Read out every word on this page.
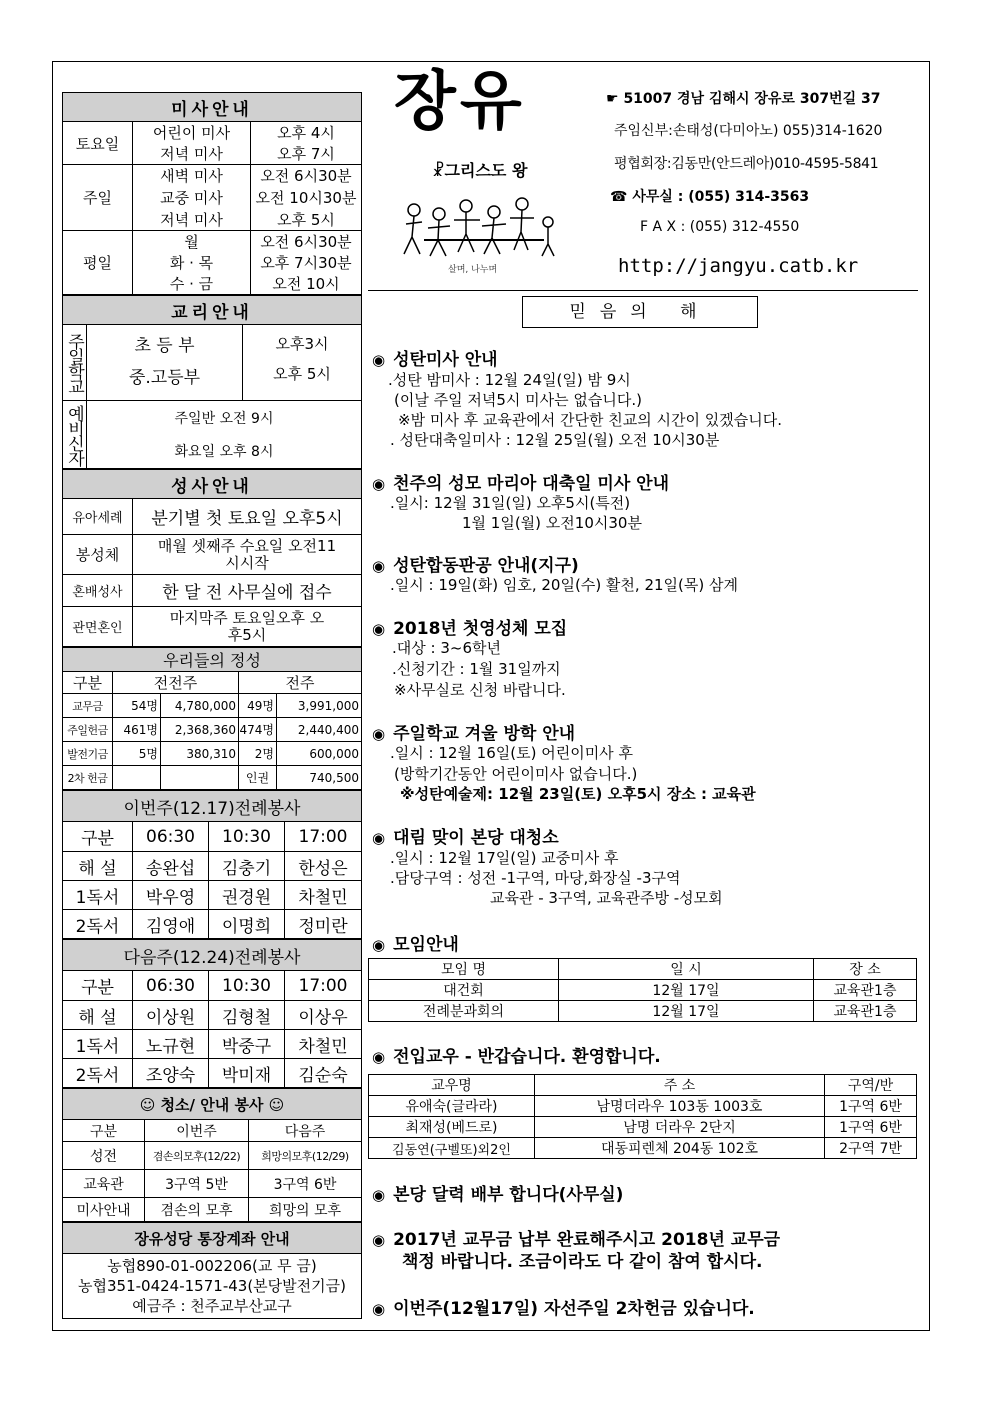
미사안내		
토요일	어린이 미사	오후 4시
	저녁 미사	오후 7시
주일	새벽 미사	오전 6시30분
	교중 미사	오전 10시30분
	저녁 미사	오후 5시
평일	월	오전 6시30분
	화 · 목	오후 7시30분
	수 · 금	오전 10시
교리안내		
주일학교	초 등 부	오후3시
	중.고등부	오후 5시
예비신자	주일반 오전 9시	
	화요일 오후 8시	
성사안내	
유아세례	분기별 첫 토요일 오후5시
봉성체	매월 셋째주 수요일 오전11시시작
혼배성사	한 달 전 사무실에 접수
관면혼인	마지막주 토요일오후 오후5시
우리들의 정성				
구분	전전주		전주	
교무금	54명	4,780,000	49명	3,991,000
주일헌금	461명	2,368,360	474명	2,440,400
발전기금	5명	380,310	2명	600,000
2차 헌금			인권	740,500
이번주(12.17)전례봉사			
구분	06:30	10:30	17:00
해 설	송완섭	김충기	한성은
1독서	박우영	권경원	차철민
2독서	김영애	이명희	정미란
다음주(12.24)전례봉사			
구분	06:30	10:30	17:00
해 설	이상원	김형철	이상우
1독서	노규현	박중구	차철민
2독서	조양숙	박미재	김순숙
☺ 청소/ 안내 봉사 ☺		
구분	이번주	다음주
성전	겸손의모후(12/22)	희망의모후(12/29)
교육관	3구역 5반	3구역 6반
미사안내	겸손의 모후	희망의 모후
장유성당 통장계좌 안내

농협890-01-002206(교 무 금)
농협351-0424-1571-43(본당발전기금)
예금주 : 천주교부산교구
장유
☧그리스도 왕
살며, 나누며
☛ 51007 경남 김해시 장유로 307번길 37
주임신부:손태성(다미아노) 055)314-1620
평협회장:김동만(안드레아)010-4595-5841
☎ 사무실 : (055) 314-3563
F A X : (055) 312-4550
http://jangyu.catb.kr
믿음의 해
◉ 성탄미사 안내
.성탄 밤미사 : 12월 24일(일) 밤 9시
(이날 주일 저녁5시 미사는 없습니다.)
※밤 미사 후 교육관에서 간단한 친교의 시간이 있겠습니다.
. 성탄대축일미사 : 12월 25일(월) 오전 10시30분
◉ 천주의 성모 마리아 대축일 미사 안내
.일시: 12월 31일(일) 오후5시(특전)
1월 1일(월) 오전10시30분
◉ 성탄합동판공 안내(지구)
.일시 : 19일(화) 임호, 20일(수) 활천, 21일(목) 삼계
◉ 2018년 첫영성체 모집
.대상 : 3~6학년
.신청기간 : 1월 31일까지
※사무실로 신청 바랍니다.
◉ 주일학교 겨울 방학 안내
.일시 : 12월 16일(토) 어린이미사 후
(방학기간동안 어린이미사 없습니다.)
※성탄예술제: 12월 23일(토) 오후5시 장소 : 교육관
◉ 대림 맞이 본당 대청소
.일시 : 12월 17일(일) 교중미사 후
.담당구역 : 성전 -1구역, 마당,화장실 -3구역
교육관 - 3구역, 교육관주방 -성모회
◉ 모임안내
모임 명	일 시	장 소
대건회	12월 17일	교육관1층
전례분과회의	12월 17일	교육관1층
◉ 전입교우 - 반갑습니다. 환영합니다.
교우명	주 소	구역/반
유애숙(글라라)	남명더라우 103동 1003호	1구역 6반
최재성(베드로)	남명 더라우 2단지	1구역 6반
김동연(구벨또)외2인	대동피렌체 204동 102호	2구역 7반
◉ 본당 달력 배부 합니다(사무실)
◉ 2017년 교무금 납부 완료해주시고 2018년 교무금
책정 바랍니다. 조금이라도 다 같이 참여 합시다.
◉ 이번주(12월17일) 자선주일 2차헌금 있습니다.
